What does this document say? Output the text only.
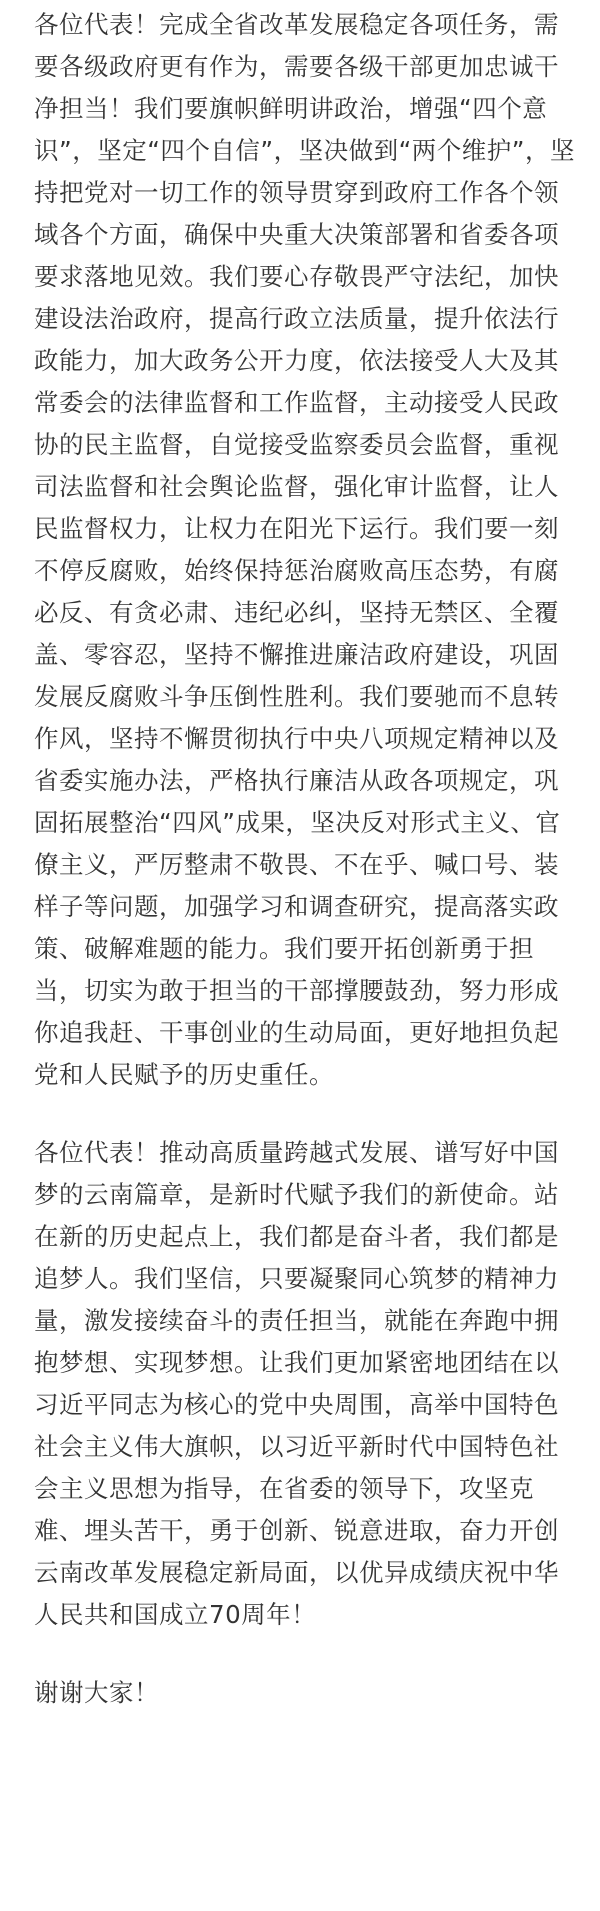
各位代表！完成全省改革发展稳定各项任务，需要各级政府更有作为，需要各级干部更加忠诚干净担当！我们要旗帜鲜明讲政治，增强“四个意识”，坚定“四个自信”，坚决做到“两个维护”，坚持把党对一切工作的领导贯穿到政府工作各个领域各个方面，确保中央重大决策部署和省委各项要求落地见效。我们要心存敬畏严守法纪，加快建设法治政府，提高行政立法质量，提升依法行政能力，加大政务公开力度，依法接受人大及其常委会的法律监督和工作监督，主动接受人民政协的民主监督，自觉接受监察委员会监督，重视司法监督和社会舆论监督，强化审计监督，让人民监督权力，让权力在阳光下运行。我们要一刻不停反腐败，始终保持惩治腐败高压态势，有腐必反、有贪必肃、违纪必纠，坚持无禁区、全覆盖、零容忍，坚持不懈推进廉洁政府建设，巩固发展反腐败斗争压倒性胜利。我们要驰而不息转作风，坚持不懈贯彻执行中央八项规定精神以及省委实施办法，严格执行廉洁从政各项规定，巩固拓展整治“四风”成果，坚决反对形式主义、官僚主义，严厉整肃不敬畏、不在乎、喊口号、装样子等问题，加强学习和调查研究，提高落实政策、破解难题的能力。我们要开拓创新勇于担当，切实为敢于担当的干部撑腰鼓劲，努力形成你追我赶、干事创业的生动局面，更好地担负起党和人民赋予的历史重任。

各位代表！推动高质量跨越式发展、谱写好中国梦的云南篇章，是新时代赋予我们的新使命。站在新的历史起点上，我们都是奋斗者，我们都是追梦人。我们坚信，只要凝聚同心筑梦的精神力量，激发接续奋斗的责任担当，就能在奔跑中拥抱梦想、实现梦想。让我们更加紧密地团结在以习近平同志为核心的党中央周围，高举中国特色社会主义伟大旗帜，以习近平新时代中国特色社会主义思想为指导，在省委的领导下，攻坚克难、埋头苦干，勇于创新、锐意进取，奋力开创云南改革发展稳定新局面，以优异成绩庆祝中华人民共和国成立70周年！

谢谢大家！
